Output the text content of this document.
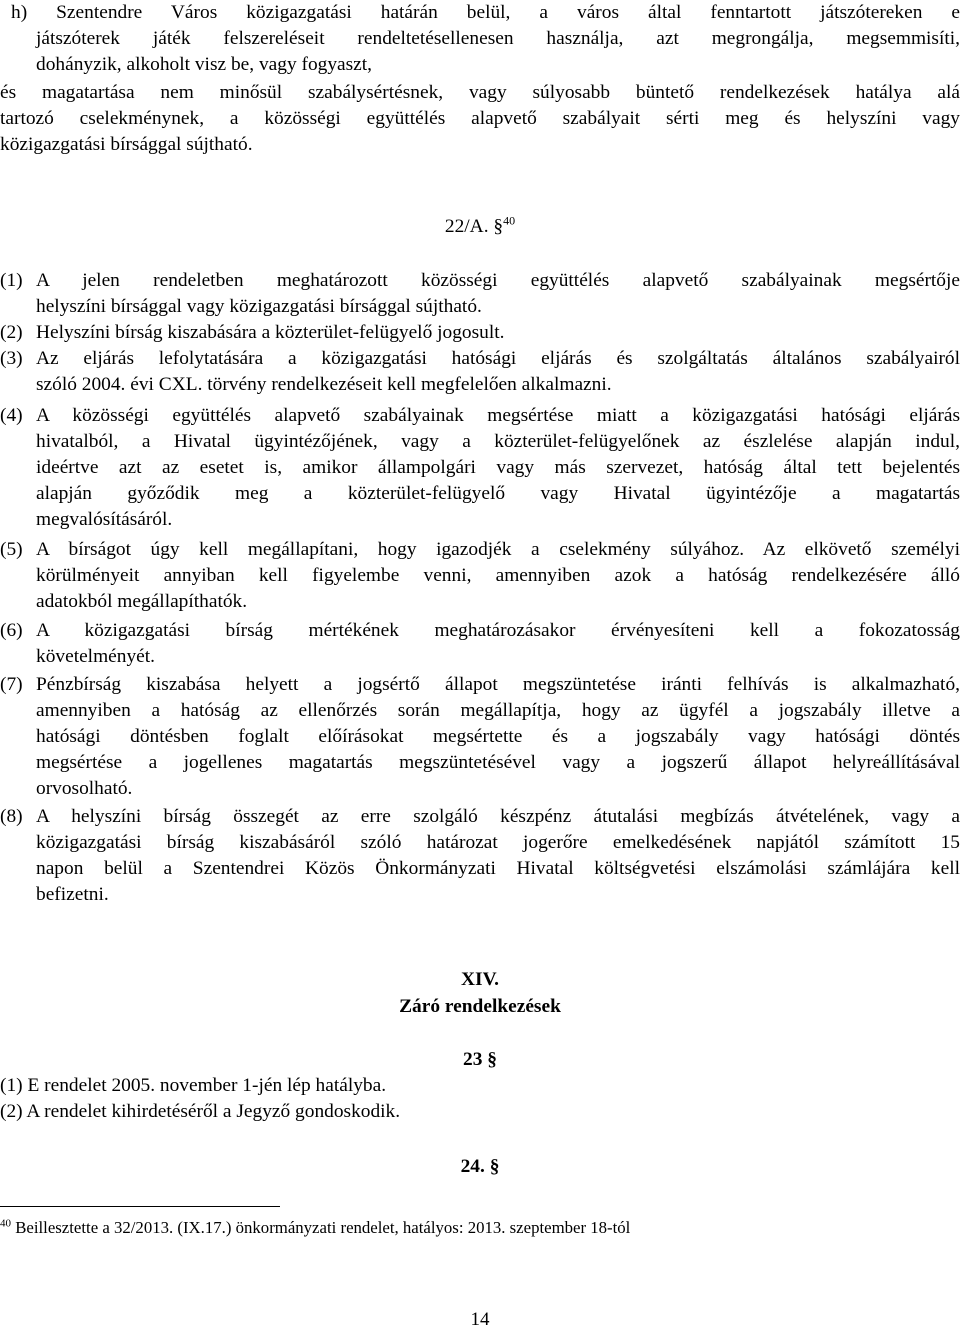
h) Szentendre Város közigazgatási határán belül, a város által fenntartott játszótereken e
játszóterek játék felszereléseit rendeltetésellenesen használja, azt megrongálja, megsemmisíti,
dohányzik, alkoholt visz be, vagy fogyaszt,
és magatartása nem minősül szabálysértésnek, vagy súlyosabb büntető rendelkezések hatálya alá
tartozó cselekménynek, a közösségi együttélés alapvető szabályait sérti meg és helyszíni vagy
közigazgatási bírsággal sújtható.
22/A. §$^{40}$
(1) A jelen rendeletben meghatározott közösségi együttélés alapvető szabályainak megsértője
helyszíni bírsággal vagy közigazgatási bírsággal sújtható.
(2) Helyszíni bírság kiszabására a közterület-felügyelő jogosult.
(3) Az eljárás lefolytatására a közigazgatási hatósági eljárás és szolgáltatás általános szabályairól
szóló 2004. évi CXL. törvény rendelkezéseit kell megfelelően alkalmazni.
(4) A közösségi együttélés alapvető szabályainak megsértése miatt a közigazgatási hatósági eljárás
hivatalból, a Hivatal ügyintézőjének, vagy a közterület-felügyelőnek az észlelése alapján indul,
ideértve azt az esetet is, amikor állampolgári vagy más szervezet, hatóság által tett bejelentés
alapján győződik meg a közterület-felügyelő vagy Hivatal ügyintézője a magatartás
megvalósításáról.
(5) A bírságot úgy kell megállapítani, hogy igazodjék a cselekmény súlyához. Az elkövető személyi
körülményeit annyiban kell figyelembe venni, amennyiben azok a hatóság rendelkezésére álló
adatokból megállapíthatók.
(6) A közigazgatási bírság mértékének meghatározásakor érvényesíteni kell a fokozatosság
követelményét.
(7) Pénzbírság kiszabása helyett a jogsértő állapot megszüntetése iránti felhívás is alkalmazható,
amennyiben a hatóság az ellenőrzés során megállapítja, hogy az ügyfél a jogszabály illetve a
hatósági döntésben foglalt előírásokat megsértette és a jogszabály vagy hatósági döntés
megsértése a jogellenes magatartás megszüntetésével vagy a jogszerű állapot helyreállításával
orvosolható.
(8) A helyszíni bírság összegét az erre szolgáló készpénz átutalási megbízás átvételének, vagy a
közigazgatási bírság kiszabásáról szóló határozat jogerőre emelkedésének napjától számított 15
napon belül a Szentendrei Közös Önkormányzati Hivatal költségvetési elszámolási számlájára kell
befizetni.
XIV.
Záró rendelkezések
23 §
(1) E rendelet 2005. november 1-jén lép hatályba.
(2) A rendelet kihirdetéséről a Jegyző gondoskodik.
24. §
$^{40}$ Beillesztette a 32/2013. (IX.17.) önkormányzati rendelet, hatályos: 2013. szeptember 18-tól
14
